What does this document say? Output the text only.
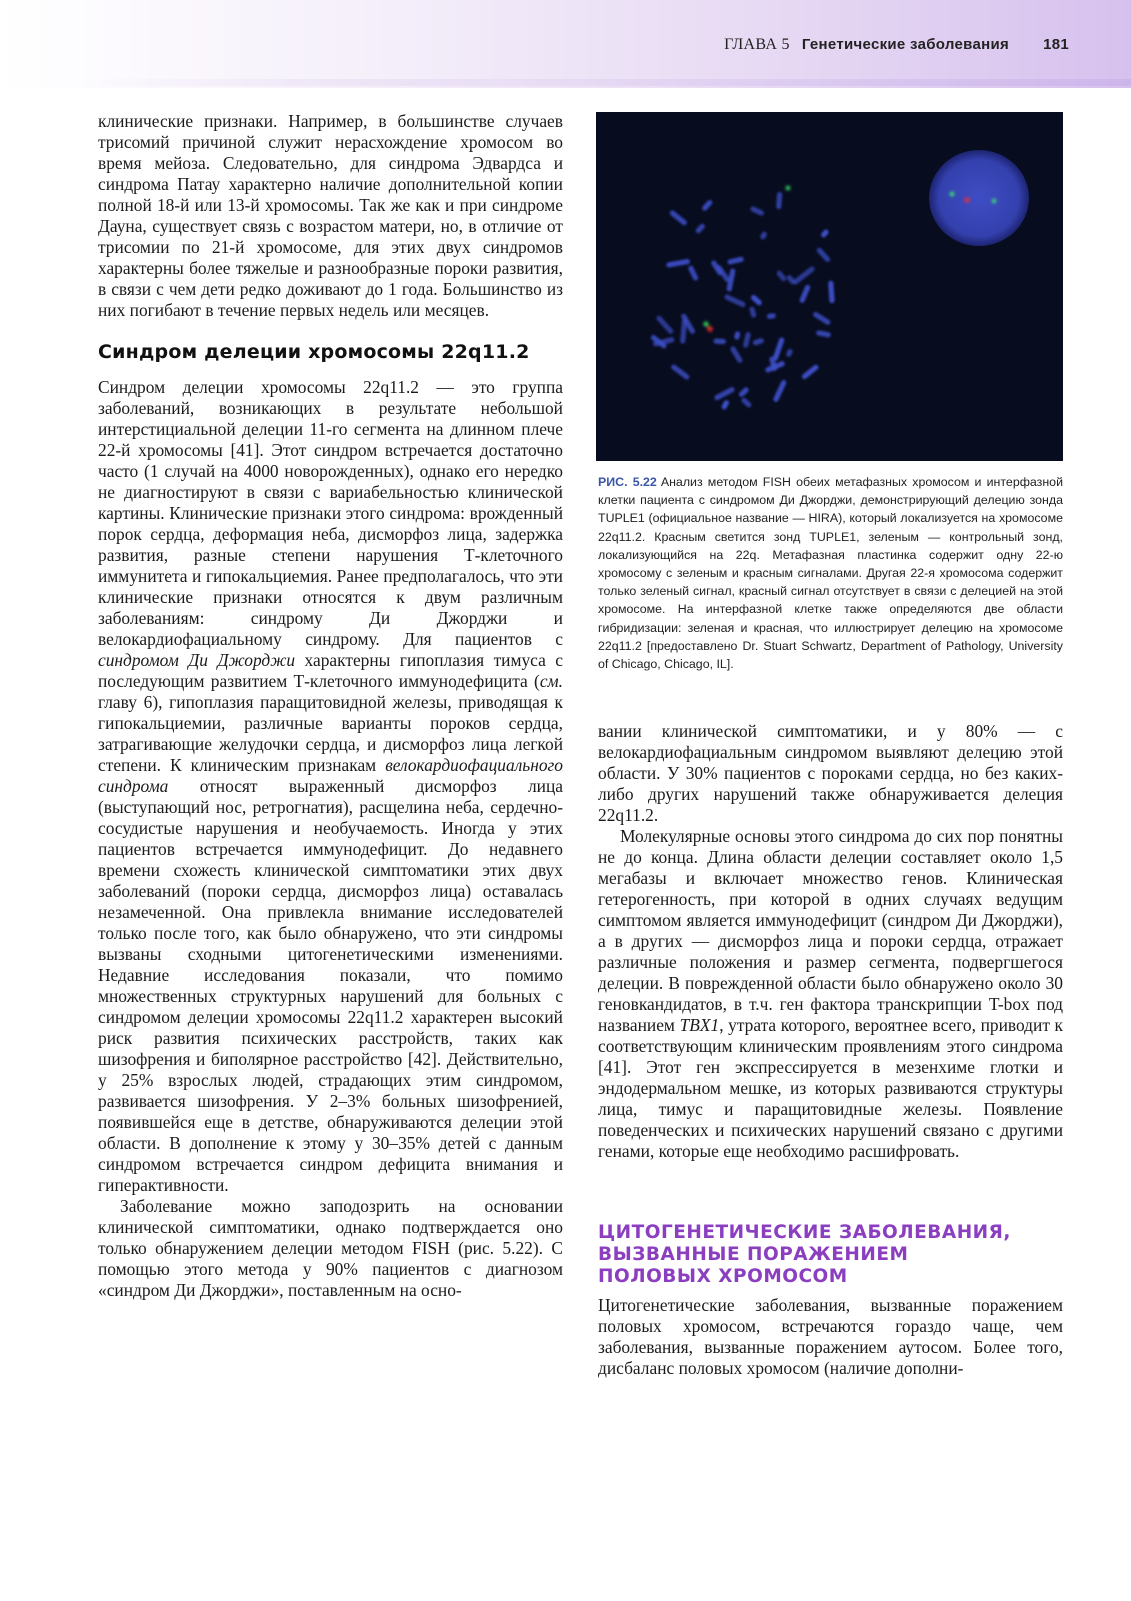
ГЛАВА 5 Генетические заболевания 181

клинические признаки. Например, в большинстве случаев трисомий причиной служит нерасхождение хромосом во время мейоза. Следовательно, для синдрома Эдвардса и синдрома Патау характерно наличие дополнительной копии полной 18-й или 13-й хромосомы. Так же как и при синдроме Дауна, существует связь с возрастом матери, но, в отличие от трисомии по 21-й хромосоме, для этих двух синдромов характерны более тяжелые и разнообразные пороки развития, в связи с чем дети редко доживают до 1 года. Большинство из них погибают в течение первых недель или месяцев.

Синдром делеции хромосомы 22q11.2

Синдром делеции хромосомы 22q11.2 — это группа заболеваний, возникающих в результате небольшой интерстициальной делеции 11-го сегмента на длинном плече 22-й хромосомы [41]. Этот синдром встречается достаточно часто (1 случай на 4000 новорожденных), однако его нередко не диагностируют в связи с вариабельностью клинической картины. Клинические признаки этого синдрома: врожденный порок сердца, деформация неба, дисморфоз лица, задержка развития, разные степени нарушения Т-клеточного иммунитета и гипокальциемия. Ранее предполагалось, что эти клинические признаки относятся к двум различным заболеваниям: синдрому Ди Джорджи и велокардиофациальному синдрому. Для пациентов с синдромом Ди Джорджи характерны гипоплазия тимуса с последующим развитием Т-клеточного иммунодефицита (см. главу 6), гипоплазия паращитовидной железы, приводящая к гипокальциемии, различные варианты пороков сердца, затрагивающие желудочки сердца, и дисморфоз лица легкой степени. К клиническим признакам велокардиофациального синдрома относят выраженный дисморфоз лица (выступающий нос, ретрогнатия), расщелина неба, сердечно-сосудистые нарушения и необучаемость. Иногда у этих пациентов встречается иммунодефицит. До недавнего времени схожесть клинической симптоматики этих двух заболеваний (пороки сердца, дисморфоз лица) оставалась незамеченной. Она привлекла внимание исследователей только после того, как было обнаружено, что эти синдромы вызваны сходными цитогенетическими изменениями. Недавние исследования показали, что помимо множественных структурных нарушений для больных с синдромом делеции хромосомы 22q11.2 характерен высокий риск развития психических расстройств, таких как шизофрения и биполярное расстройство [42]. Действительно, у 25% взрослых людей, страдающих этим синдромом, развивается шизофрения. У 2–3% больных шизофренией, появившейся еще в детстве, обнаруживаются делеции этой области. В дополнение к этому у 30–35% детей с данным синдромом встречается синдром дефицита внимания и гиперактивности.

Заболевание можно заподозрить на основании клинической симптоматики, однако подтверждается оно только обнаружением делеции методом FISH (рис. 5.22). С помощью этого метода у 90% пациентов с диагнозом «синдром Ди Джорджи», поставленным на осно-

РИС. 5.22 Анализ методом FISH обеих метафазных хромосом и интерфазной клетки пациента с синдромом Ди Джорджи, демонстрирующий делецию зонда TUPLE1 (официальное название — HIRA), который локализуется на хромосоме 22q11.2. Красным светится зонд TUPLE1, зеленым — контрольный зонд, локализующийся на 22q. Метафазная пластинка содержит одну 22-ю хромосому с зеленым и красным сигналами. Другая 22-я хромосома содержит только зеленый сигнал, красный сигнал отсутствует в связи с делецией на этой хромосоме. На интерфазной клетке также определяются две области гибридизации: зеленая и красная, что иллюстрирует делецию на хромосоме 22q11.2 [предоставлено Dr. Stuart Schwartz, Department of Pathology, University of Chicago, Chicago, IL].

вании клинической симптоматики, и у 80% — с велокардиофациальным синдромом выявляют делецию этой области. У 30% пациентов с пороками сердца, но без каких-либо других нарушений также обнаруживается делеция 22q11.2.

Молекулярные основы этого синдрома до сих пор понятны не до конца. Длина области делеции составляет около 1,5 мегабазы и включает множество генов. Клиническая гетерогенность, при которой в одних случаях ведущим симптомом является иммунодефицит (синдром Ди Джорджи), а в других — дисморфоз лица и пороки сердца, отражает различные положения и размер сегмента, подвергшегося делеции. В поврежденной области было обнаружено около 30 геновкандидатов, в т.ч. ген фактора транскрипции T-box под названием TBX1, утрата которого, вероятнее всего, приводит к соответствующим клиническим проявлениям этого синдрома [41]. Этот ген экспрессируется в мезенхиме глотки и эндодермальном мешке, из которых развиваются структуры лица, тимус и паращитовидные железы. Появление поведенческих и психических нарушений связано с другими генами, которые еще необходимо расшифровать.

ЦИТОГЕНЕТИЧЕСКИЕ ЗАБОЛЕВАНИЯ,
ВЫЗВАННЫЕ ПОРАЖЕНИЕМ
ПОЛОВЫХ ХРОМОСОМ

Цитогенетические заболевания, вызванные поражением половых хромосом, встречаются гораздо чаще, чем заболевания, вызванные поражением аутосом. Более того, дисбаланс половых хромосом (наличие дополни-
